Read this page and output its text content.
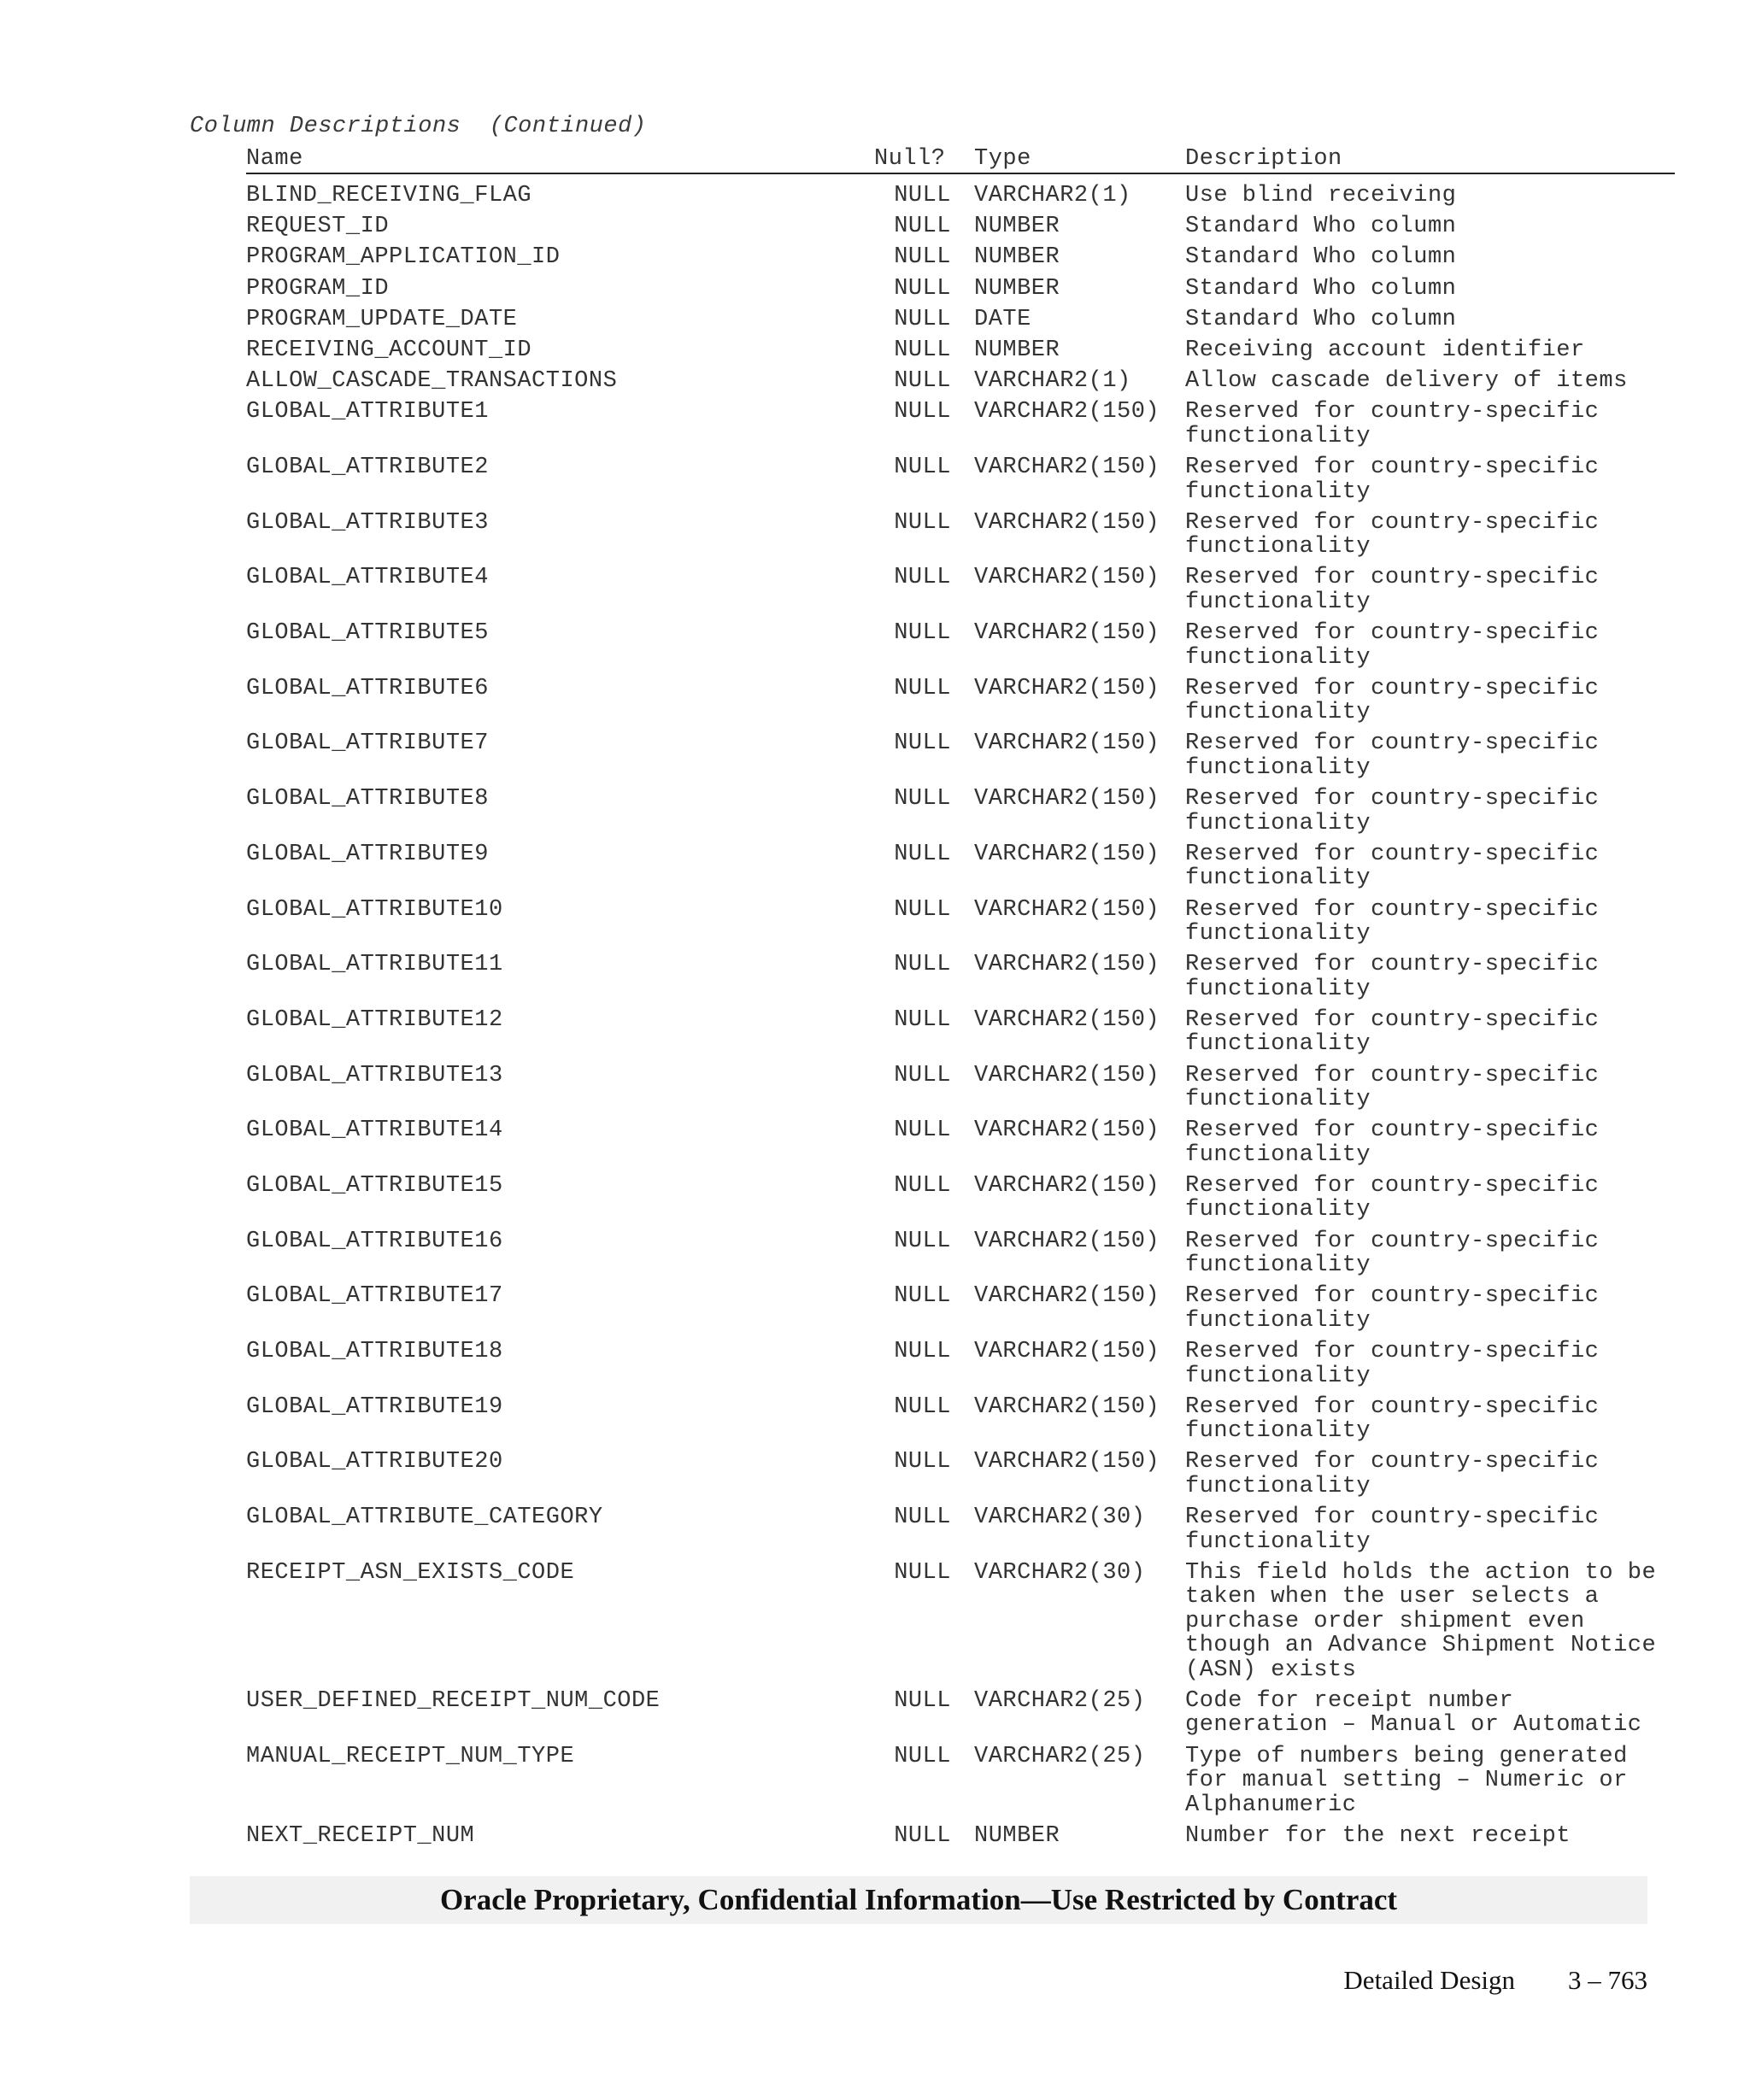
Column Descriptions  (Continued)
Name	Null? Type	Description
BLIND_RECEIVING_FLAG	NULL VARCHAR2(1) Use blind receiving
REQUEST_ID	NULL NUMBER	Standard Who column
PROGRAM_APPLICATION_ID	NULL NUMBER	Standard Who column
PROGRAM_ID	NULL NUMBER	Standard Who column
PROGRAM_UPDATE_DATE	NULL DATE	Standard Who column
RECEIVING_ACCOUNT_ID	NULL NUMBER	Receiving account identifier
ALLOW_CASCADE_TRANSACTIONS	NULL VARCHAR2(1) Allow cascade delivery of items
GLOBAL_ATTRIBUTE1	NULL VARCHAR2(150) Reserved for country-specific functionality
GLOBAL_ATTRIBUTE2	NULL VARCHAR2(150) Reserved for country-specific functionality
GLOBAL_ATTRIBUTE3	NULL VARCHAR2(150) Reserved for country-specific functionality
GLOBAL_ATTRIBUTE4	NULL VARCHAR2(150) Reserved for country-specific functionality
GLOBAL_ATTRIBUTE5	NULL VARCHAR2(150) Reserved for country-specific functionality
GLOBAL_ATTRIBUTE6	NULL VARCHAR2(150) Reserved for country-specific functionality
GLOBAL_ATTRIBUTE7	NULL VARCHAR2(150) Reserved for country-specific functionality
GLOBAL_ATTRIBUTE8	NULL VARCHAR2(150) Reserved for country-specific functionality
GLOBAL_ATTRIBUTE9	NULL VARCHAR2(150) Reserved for country-specific functionality
GLOBAL_ATTRIBUTE10	NULL VARCHAR2(150) Reserved for country-specific functionality
GLOBAL_ATTRIBUTE11	NULL VARCHAR2(150) Reserved for country-specific functionality
GLOBAL_ATTRIBUTE12	NULL VARCHAR2(150) Reserved for country-specific functionality
GLOBAL_ATTRIBUTE13	NULL VARCHAR2(150) Reserved for country-specific functionality
GLOBAL_ATTRIBUTE14	NULL VARCHAR2(150) Reserved for country-specific functionality
GLOBAL_ATTRIBUTE15	NULL VARCHAR2(150) Reserved for country-specific functionality
GLOBAL_ATTRIBUTE16	NULL VARCHAR2(150) Reserved for country-specific functionality
GLOBAL_ATTRIBUTE17	NULL VARCHAR2(150) Reserved for country-specific functionality
GLOBAL_ATTRIBUTE18	NULL VARCHAR2(150) Reserved for country-specific functionality
GLOBAL_ATTRIBUTE19	NULL VARCHAR2(150) Reserved for country-specific functionality
GLOBAL_ATTRIBUTE20	NULL VARCHAR2(150) Reserved for country-specific functionality
GLOBAL_ATTRIBUTE_CATEGORY	NULL VARCHAR2(30) Reserved for country-specific functionality
RECEIPT_ASN_EXISTS_CODE	NULL VARCHAR2(30) This field holds the action to be taken when the user selects a purchase order shipment even though an Advance Shipment Notice (ASN) exists
USER_DEFINED_RECEIPT_NUM_CODE	NULL VARCHAR2(25) Code for receipt number generation – Manual or Automatic
MANUAL_RECEIPT_NUM_TYPE	NULL VARCHAR2(25) Type of numbers being generated for manual setting – Numeric or Alphanumeric
NEXT_RECEIPT_NUM	NULL NUMBER	Number for the next receipt
Oracle Proprietary, Confidential Information––Use Restricted by Contract
Detailed Design 3 – 763
